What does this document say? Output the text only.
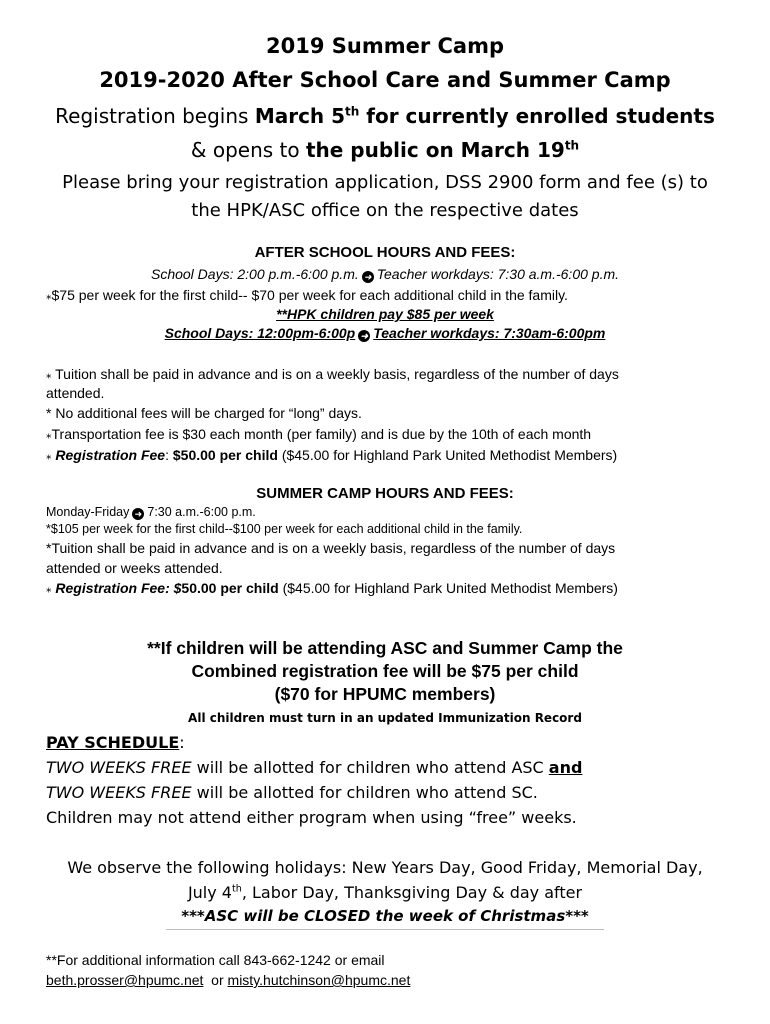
2019 Summer Camp
2019-2020 After School Care and Summer Camp
Registration begins March 5th for currently enrolled students
& opens to the public on March 19th
Please bring your registration application, DSS 2900 form and fee (s) to
the HPK/ASC office on the respective dates
AFTER SCHOOL HOURS AND FEES:
School Days: 2:00 p.m.-6:00 p.m. ➜ Teacher workdays: 7:30 a.m.-6:00 p.m.
⁎$75 per week for the first child-- $70 per week for each additional child in the family.
**HPK children pay $85 per week
School Days: 12:00pm-6:00p ➜ Teacher workdays: 7:30am-6:00pm
⁎ Tuition shall be paid in advance and is on a weekly basis, regardless of the number of days
attended.
* No additional fees will be charged for “long” days.
⁎Transportation fee is $30 each month (per family) and is due by the 10th of each month
⁎ Registration Fee: $50.00 per child ($45.00 for Highland Park United Methodist Members)
SUMMER CAMP HOURS AND FEES:
Monday-Friday ➜ 7:30 a.m.-6:00 p.m.
*$105 per week for the first child--$100 per week for each additional child in the family.
*Tuition shall be paid in advance and is on a weekly basis, regardless of the number of days
attended or weeks attended.
⁎ Registration Fee: $50.00 per child ($45.00 for Highland Park United Methodist Members)
**If children will be attending ASC and Summer Camp the
Combined registration fee will be $75 per child
($70 for HPUMC members)
All children must turn in an updated Immunization Record
PAY SCHEDULE:
TWO WEEKS FREE will be allotted for children who attend ASC and
TWO WEEKS FREE will be allotted for children who attend SC.
Children may not attend either program when using “free” weeks.
We observe the following holidays: New Years Day, Good Friday, Memorial Day,
July 4th, Labor Day, Thanksgiving Day & day after
***ASC will be CLOSED the week of Christmas***
**For additional information call 843-662-1242 or email
beth.prosser@hpumc.net  or misty.hutchinson@hpumc.net
